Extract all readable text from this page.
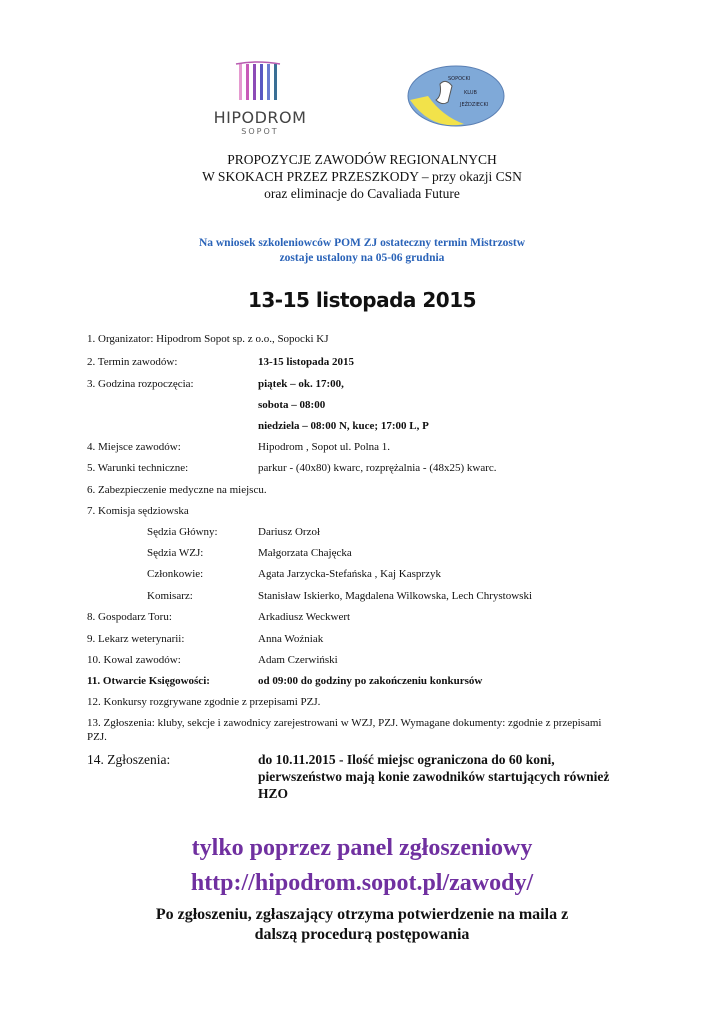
HIPODROM
SOPOT
SOPOCKI
KLUB
JEŹDZIECKI
PROPOZYCJE ZAWODÓW REGIONALNYCH
W SKOKACH PRZEZ PRZESZKODY – przy okazji CSN
oraz eliminacje do Cavaliada Future
Na wniosek szkoleniowców POM ZJ ostateczny termin Mistrzostw
zostaje ustalony na 05-06 grudnia
13-15 listopada 2015
1. Organizator: Hipodrom Sopot sp. z o.o., Sopocki KJ
2. Termin zawodów:	13-15 listopada 2015
3. Godzina rozpoczęcia:	piątek – ok. 17:00,
sobota – 08:00
niedziela – 08:00 N, kuce; 17:00 L, P
4. Miejsce zawodów:	Hipodrom , Sopot ul. Polna 1.
5. Warunki techniczne:	parkur - (40x80) kwarc, rozprężalnia - (48x25) kwarc.
6. Zabezpieczenie medyczne na miejscu.
7. Komisja sędziowska
Sędzia Główny:	Dariusz Orzoł
Sędzia WZJ:	Małgorzata Chajęcka
Członkowie:	Agata Jarzycka-Stefańska , Kaj Kasprzyk
Komisarz:	Stanisław Iskierko, Magdalena Wilkowska, Lech Chrystowski
8. Gospodarz Toru:	Arkadiusz Weckwert
9. Lekarz weterynarii:	Anna Woźniak
10. Kowal zawodów:	Adam Czerwiński
11. Otwarcie Księgowości:	od 09:00 do godziny po zakończeniu konkursów
12. Konkursy rozgrywane zgodnie z przepisami PZJ.
13. Zgłoszenia: kluby, sekcje i zawodnicy zarejestrowani w WZJ, PZJ. Wymagane dokumenty: zgodnie z przepisami PZJ.
14. Zgłoszenia:	do 10.11.2015 - Ilość miejsc ograniczona do 60 koni, pierwszeństwo mają konie zawodników startujących również HZO
tylko poprzez panel zgłoszeniowy
http://hipodrom.sopot.pl/zawody/
Po zgłoszeniu, zgłaszający otrzyma potwierdzenie na maila z
dalszą procedurą postępowania
